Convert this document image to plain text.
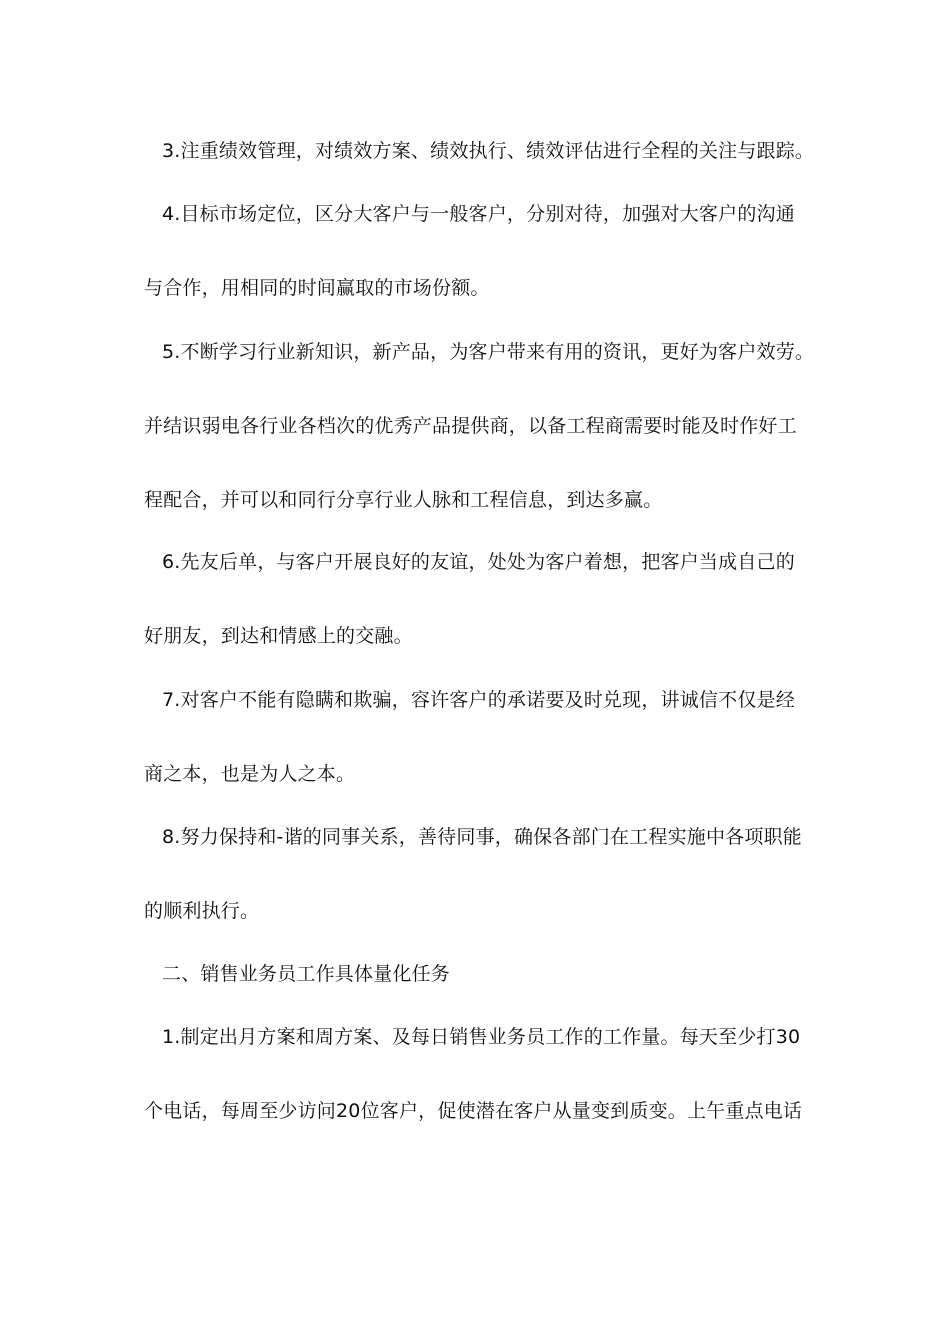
3.注重绩效管理，对绩效方案、绩效执行、绩效评估进行全程的关注与跟踪。
4.目标市场定位，区分大客户与一般客户，分别对待，加强对大客户的沟通
与合作，用相同的时间赢取的市场份额。
5.不断学习行业新知识，新产品，为客户带来有用的资讯，更好为客户效劳。
并结识弱电各行业各档次的优秀产品提供商，以备工程商需要时能及时作好工
程配合，并可以和同行分享行业人脉和工程信息，到达多赢。
6.先友后单，与客户开展良好的友谊，处处为客户着想，把客户当成自己的
好朋友，到达和情感上的交融。
7.对客户不能有隐瞒和欺骗，容许客户的承诺要及时兑现，讲诚信不仅是经
商之本，也是为人之本。
8.努力保持和-谐的同事关系，善待同事，确保各部门在工程实施中各项职能
的顺利执行。
二、销售业务员工作具体量化任务
1.制定出月方案和周方案、及每日销售业务员工作的工作量。每天至少打30
个电话，每周至少访问20位客户，促使潜在客户从量变到质变。上午重点电话
